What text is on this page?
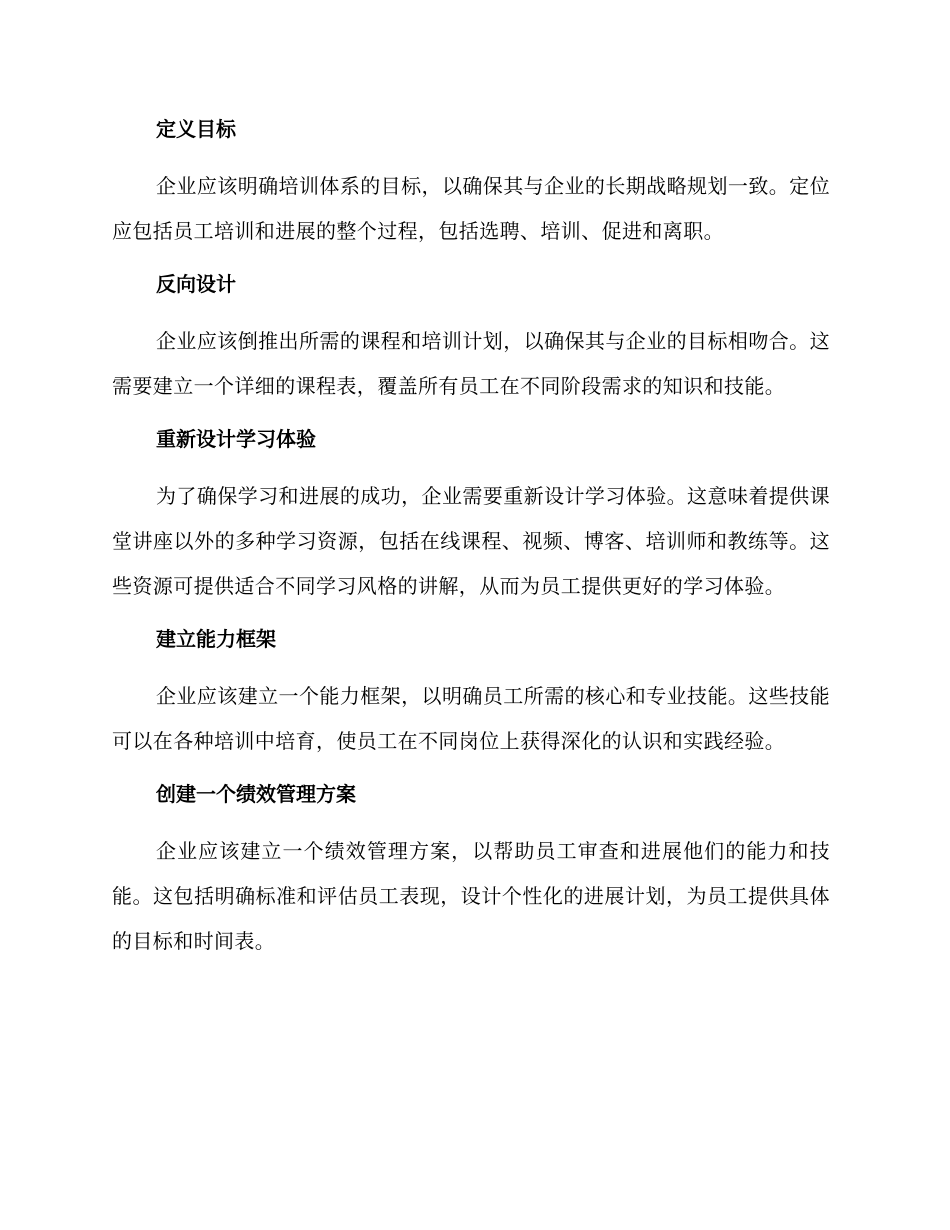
定义目标

企业应该明确培训体系的目标，以确保其与企业的长期战略规划一致。定位应包括员工培训和进展的整个过程，包括选聘、培训、促进和离职。

反向设计

企业应该倒推出所需的课程和培训计划，以确保其与企业的目标相吻合。这需要建立一个详细的课程表，覆盖所有员工在不同阶段需求的知识和技能。

重新设计学习体验

为了确保学习和进展的成功，企业需要重新设计学习体验。这意味着提供课堂讲座以外的多种学习资源，包括在线课程、视频、博客、培训师和教练等。这些资源可提供适合不同学习风格的讲解，从而为员工提供更好的学习体验。

建立能力框架

企业应该建立一个能力框架，以明确员工所需的核心和专业技能。这些技能可以在各种培训中培育，使员工在不同岗位上获得深化的认识和实践经验。

创建一个绩效管理方案

企业应该建立一个绩效管理方案，以帮助员工审查和进展他们的能力和技能。这包括明确标准和评估员工表现，设计个性化的进展计划，为员工提供具体的目标和时间表。
